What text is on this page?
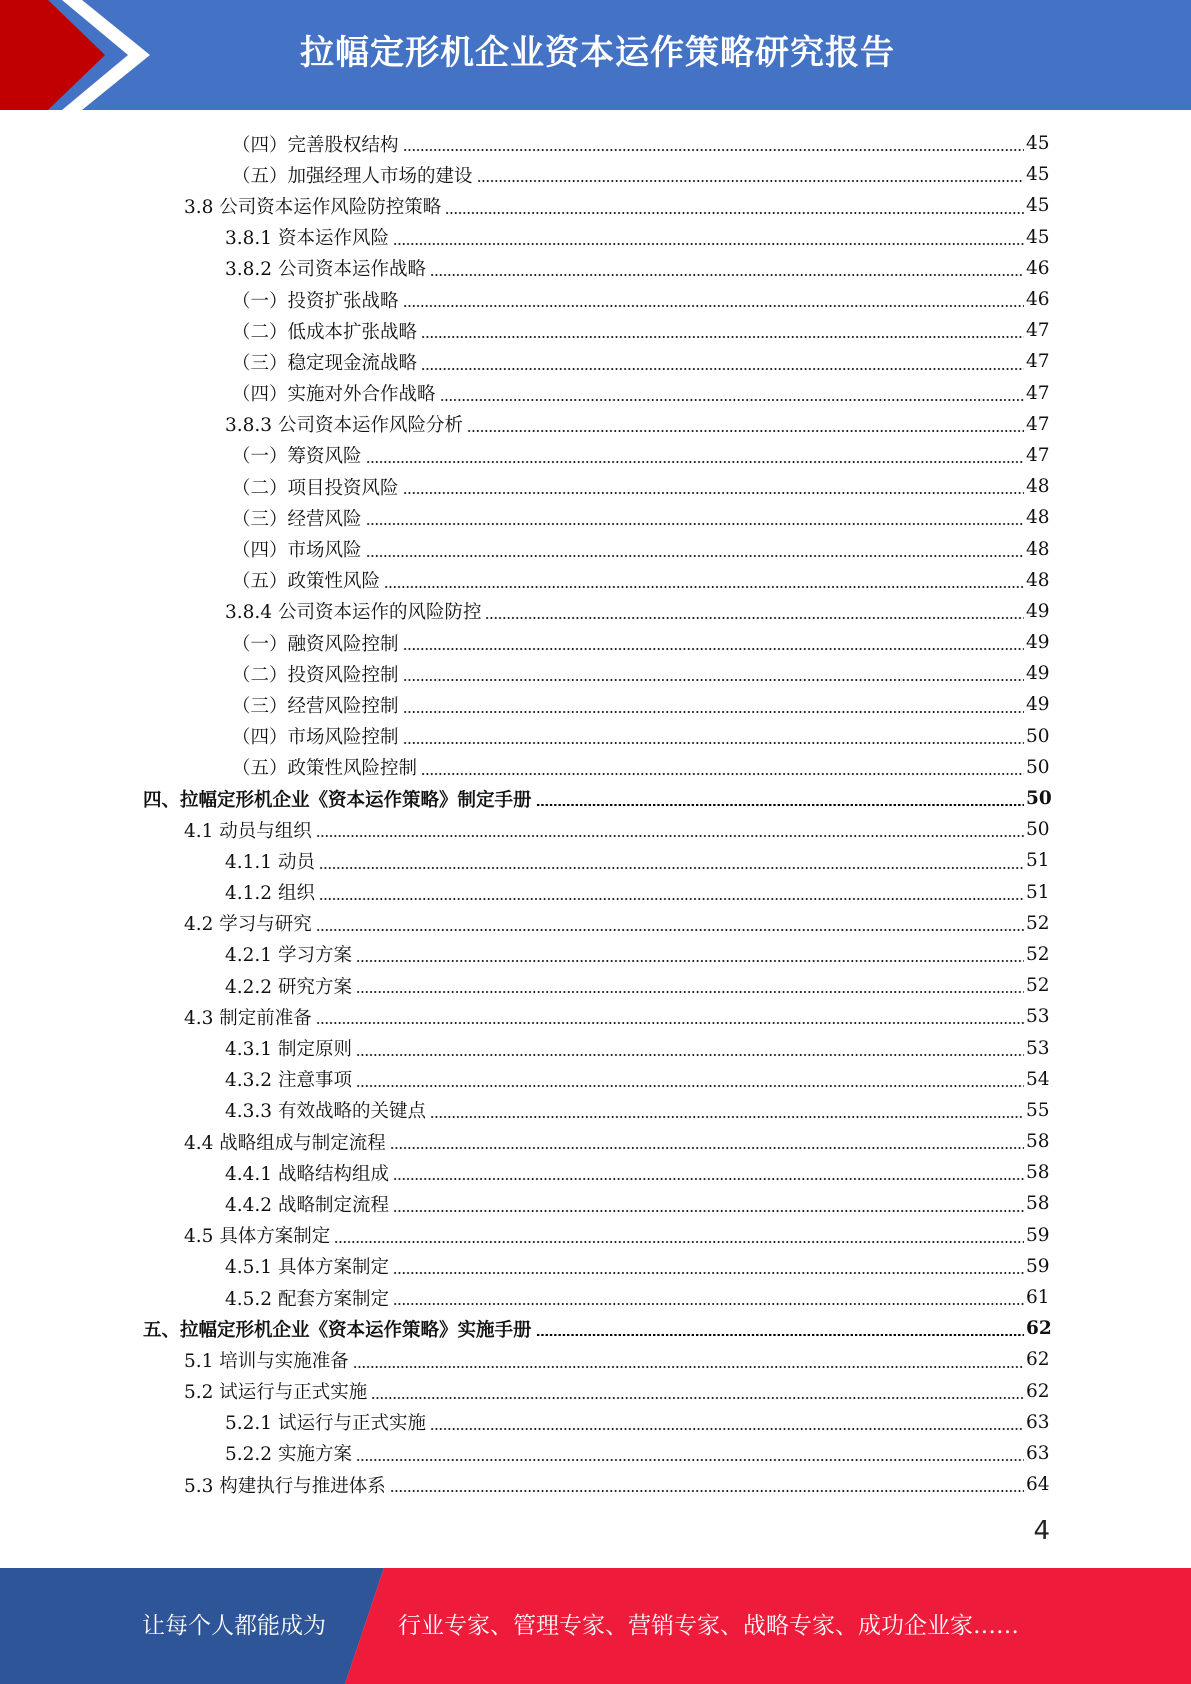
拉幅定形机企业资本运作策略研究报告
（四）完善股权结构	45
（五）加强经理人市场的建设	45
3.8 公司资本运作风险防控策略	45
3.8.1 资本运作风险	45
3.8.2 公司资本运作战略	46
（一）投资扩张战略	46
（二）低成本扩张战略	47
（三）稳定现金流战略	47
（四）实施对外合作战略	47
3.8.3 公司资本运作风险分析	47
（一）筹资风险	47
（二）项目投资风险	48
（三）经营风险	48
（四）市场风险	48
（五）政策性风险	48
3.8.4 公司资本运作的风险防控	49
（一）融资风险控制	49
（二）投资风险控制	49
（三）经营风险控制	49
（四）市场风险控制	50
（五）政策性风险控制	50
四、拉幅定形机企业《资本运作策略》制定手册	50
4.1 动员与组织	50
4.1.1 动员	51
4.1.2 组织	51
4.2 学习与研究	52
4.2.1 学习方案	52
4.2.2 研究方案	52
4.3 制定前准备	53
4.3.1 制定原则	53
4.3.2 注意事项	54
4.3.3 有效战略的关键点	55
4.4 战略组成与制定流程	58
4.4.1 战略结构组成	58
4.4.2 战略制定流程	58
4.5 具体方案制定	59
4.5.1 具体方案制定	59
4.5.2 配套方案制定	61
五、拉幅定形机企业《资本运作策略》实施手册	62
5.1 培训与实施准备	62
5.2 试运行与正式实施	62
5.2.1 试运行与正式实施	63
5.2.2 实施方案	63
5.3 构建执行与推进体系	64
4
让每个人都能成为	行业专家、管理专家、营销专家、战略专家、成功企业家……
